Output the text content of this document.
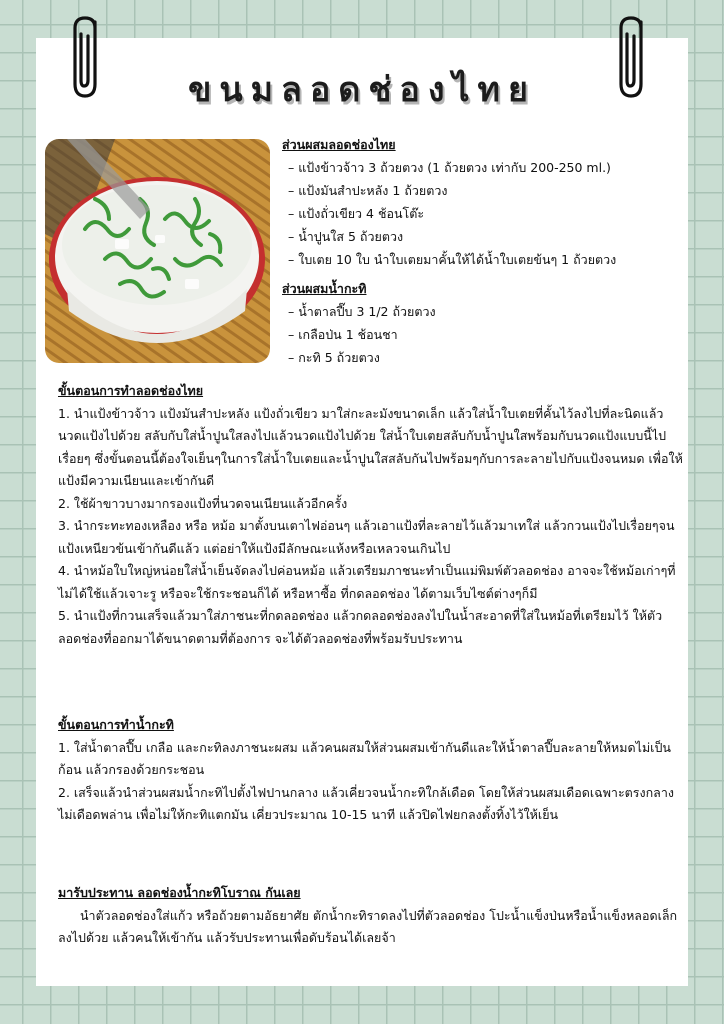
ขนมลอดช่องไทย
ส่วนผสมลอดช่องไทย
– แป้งข้าวจ้าว 3 ถ้วยตวง (1 ถ้วยตวง เท่ากับ 200-250 ml.)
– แป้งมันสำปะหลัง 1 ถ้วยตวง
– แป้งถั่วเขียว 4 ช้อนโต๊ะ
– น้ำปูนใส 5 ถ้วยตวง
– ใบเตย 10 ใบ นำใบเตยมาคั้นให้ได้น้ำใบเตยข้นๆ 1 ถ้วยตวง
ส่วนผสมน้ำกะทิ
– น้ำตาลปี๊บ 3 1/2 ถ้วยตวง
– เกลือป่น 1 ช้อนชา
– กะทิ 5 ถ้วยตวง

ขั้นตอนการทำลอดช่องไทย

1. นำแป้งข้าวจ้าว แป้งมันสำปะหลัง แป้งถั่วเขียว มาใส่กะละมังขนาดเล็ก แล้วใส่น้ำใบเตยที่คั้นไว้ลงไปที่ละนิดแล้วนวดแป้งไปด้วย สลับกับใส่น้ำปูนใสลงไปแล้วนวดแป้งไปด้วย ใส่น้ำใบเตยสลับกับน้ำปูนใสพร้อมกับนวดแป้งแบบนี้ไปเรื่อยๆ ซึ่งขั้นตอนนี้ต้องใจเย็นๆในการใส่น้ำใบเตยและน้ำปูนใสสลับกันไปพร้อมๆกับการละลายไปกับแป้งจนหมด เพื่อให้แป้งมีความเนียนและเข้ากันดี

2. ใช้ผ้าขาวบางมากรองแป้งที่นวดจนเนียนแล้วอีกครั้ง

3. นำกระทะทองเหลือง หรือ หม้อ มาตั้งบนเตาไฟอ่อนๆ แล้วเอาแป้งที่ละลายไว้แล้วมาเทใส่ แล้วกวนแป้งไปเรื่อยๆจนแป้งเหนียวข้นเข้ากันดีแล้ว แต่อย่าให้แป้งมีลักษณะแห้งหรือเหลวจนเกินไป

4. นำหม้อใบใหญ่หน่อยใส่น้ำเย็นจัดลงไปค่อนหม้อ แล้วเตรียมภาชนะทำเป็นแม่พิมพ์ตัวลอดช่อง อาจจะใช้หม้อเก่าๆที่ไม่ได้ใช้แล้วเจาะรู หรือจะใช้กระชอนก็ได้ หรือหาซื้อ ที่กดลอดช่อง ได้ตามเว็บไซต์ต่างๆก็มี

5. นำแป้งที่กวนเสร็จแล้วมาใส่ภาชนะที่กดลอดช่อง แล้วกดลอดช่องลงไปในน้ำสะอาดที่ใส่ในหม้อที่เตรียมไว้ ให้ตัวลอดช่องที่ออกมาได้ขนาดตามที่ต้องการ จะได้ตัวลอดช่องที่พร้อมรับประทาน

ขั้นตอนการทำน้ำกะทิ

1. ใส่น้ำตาลปี๊บ เกลือ และกะทิลงภาชนะผสม แล้วคนผสมให้ส่วนผสมเข้ากันดีและให้น้ำตาลปี๊บละลายให้หมดไม่เป็นก้อน แล้วกรองด้วยกระชอน

2. เสร็จแล้วนำส่วนผสมน้ำกะทิไปตั้งไฟปานกลาง แล้วเคี่ยวจนน้ำกะทิใกล้เดือด โดยให้ส่วนผสมเดือดเฉพาะตรงกลาง ไม่เดือดพล่าน เพื่อไม่ให้กะทิแตกมัน เคี่ยวประมาณ 10-15 นาที แล้วปิดไฟยกลงตั้งทิ้งไว้ให้เย็น

มารับประทาน ลอดช่องน้ำกะทิโบราณ กันเลย

นำตัวลอดช่องใส่แก้ว หรือถ้วยตามอัธยาศัย ตักน้ำกะทิราดลงไปที่ตัวลอดช่อง โปะน้ำแข็งป่นหรือน้ำแข็งหลอดเล็กลงไปด้วย แล้วคนให้เข้ากัน แล้วรับประทานเพื่อดับร้อนได้เลยจ้า
